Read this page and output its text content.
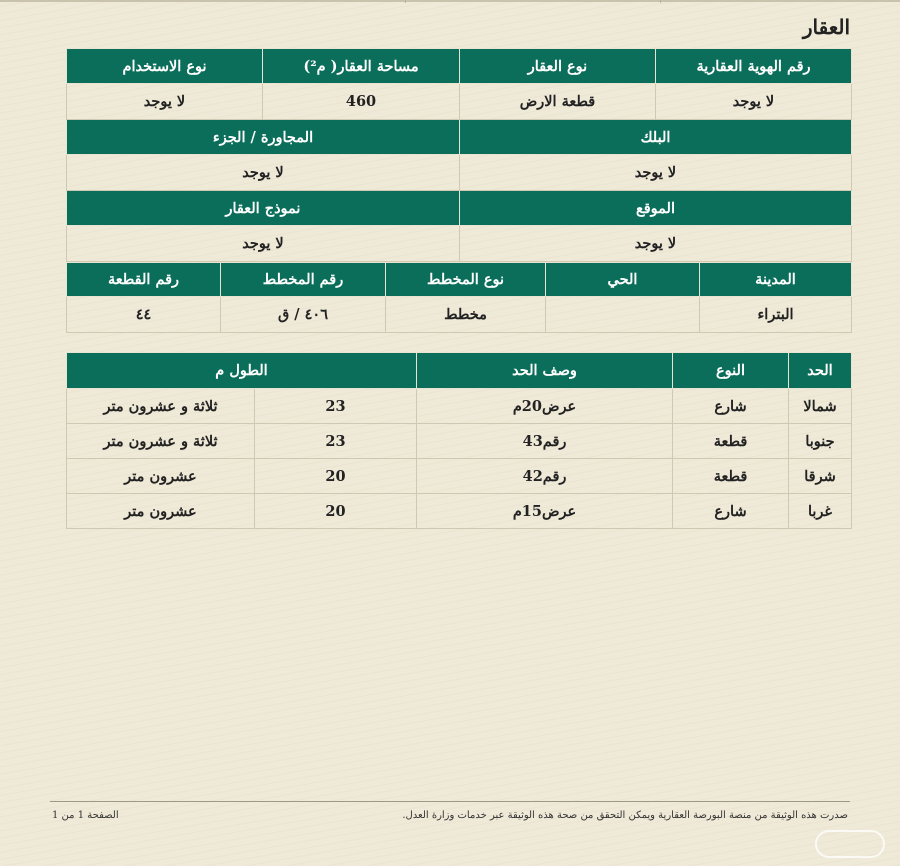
العقار
رقم الهوية العقارية	نوع العقار	مساحة العقار( م²)	نوع الاستخدام
لا يوجد	قطعة الارض	460	لا يوجد
البلك		المجاورة / الجزء	
لا يوجد		لا يوجد	
الموقع		نموذج العقار	
لا يوجد		لا يوجد	
المدينة	الحي	نوع المخطط	رقم المخطط	رقم القطعة
البتراء		مخطط	٤٠٦ / ق	٤٤
الحد	النوع	وصف الحد	الطول م	
شمالا	شارع	عرض20م	23	ثلاثة و عشرون متر
جنوبا	قطعة	رقم43	23	ثلاثة و عشرون متر
شرقا	قطعة	رقم42	20	عشرون متر
غربا	شارع	عرض15م	20	عشرون متر
صدرت هذه الوثيقة من منصة البورصة العقارية ويمكن التحقق من صحة هذه الوثيقة عبر خدمات وزارة العدل.
الصفحة 1 من 1
